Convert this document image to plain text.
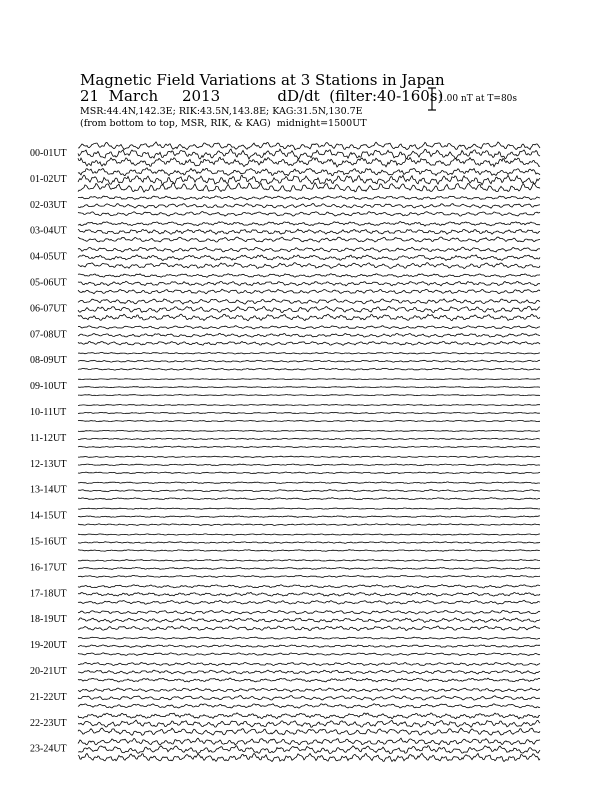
Magnetic Field Variations at 3 Stations in Japan
21  March     2013	dD/dt  (filter:40-160s)
MSR:44.4N,142.3E; RIK:43.5N,143.8E; KAG:31.5N,130.7E
(from bottom to top, MSR, RIK, & KAG)  midnight=1500UT
1.00 nT at T=80s
00-01UT
01-02UT
02-03UT
03-04UT
04-05UT
05-06UT
06-07UT
07-08UT
08-09UT
09-10UT
10-11UT
11-12UT
12-13UT
13-14UT
14-15UT
15-16UT
16-17UT
17-18UT
18-19UT
19-20UT
20-21UT
21-22UT
22-23UT
23-24UT
